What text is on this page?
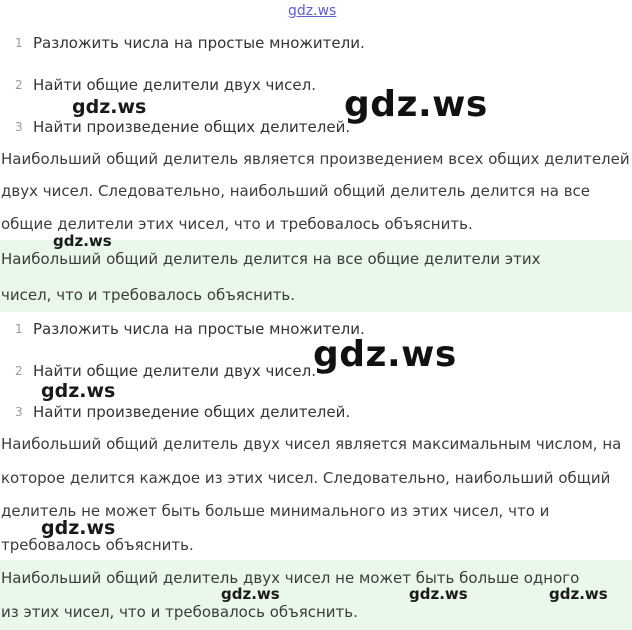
gdz.ws
1 Разложить числа на простые множители.
2 Найти общие делители двух чисел.
3 Найти произведение общих делителей.
Наибольший общий делитель является произведением всех общих делителей
двух чисел. Следовательно, наибольший общий делитель делится на все
общие делители этих чисел, что и требовалось объяснить.
Наибольший общий делитель делится на все общие делители этих
чисел, что и требовалось объяснить.
1 Разложить числа на простые множители.
2 Найти общие делители двух чисел.
3 Найти произведение общих делителей.
Наибольший общий делитель двух чисел является максимальным числом, на
которое делится каждое из этих чисел. Следовательно, наибольший общий
делитель не может быть больше минимального из этих чисел, что и
требовалось объяснить.
Наибольший общий делитель двух чисел не может быть больше одного
из этих чисел, что и требовалось объяснить.
gdz.ws	gdz.ws
gdz.ws
gdz.ws
gdz.ws
gdz.ws
gdz.ws	gdz.ws	gdz.ws
